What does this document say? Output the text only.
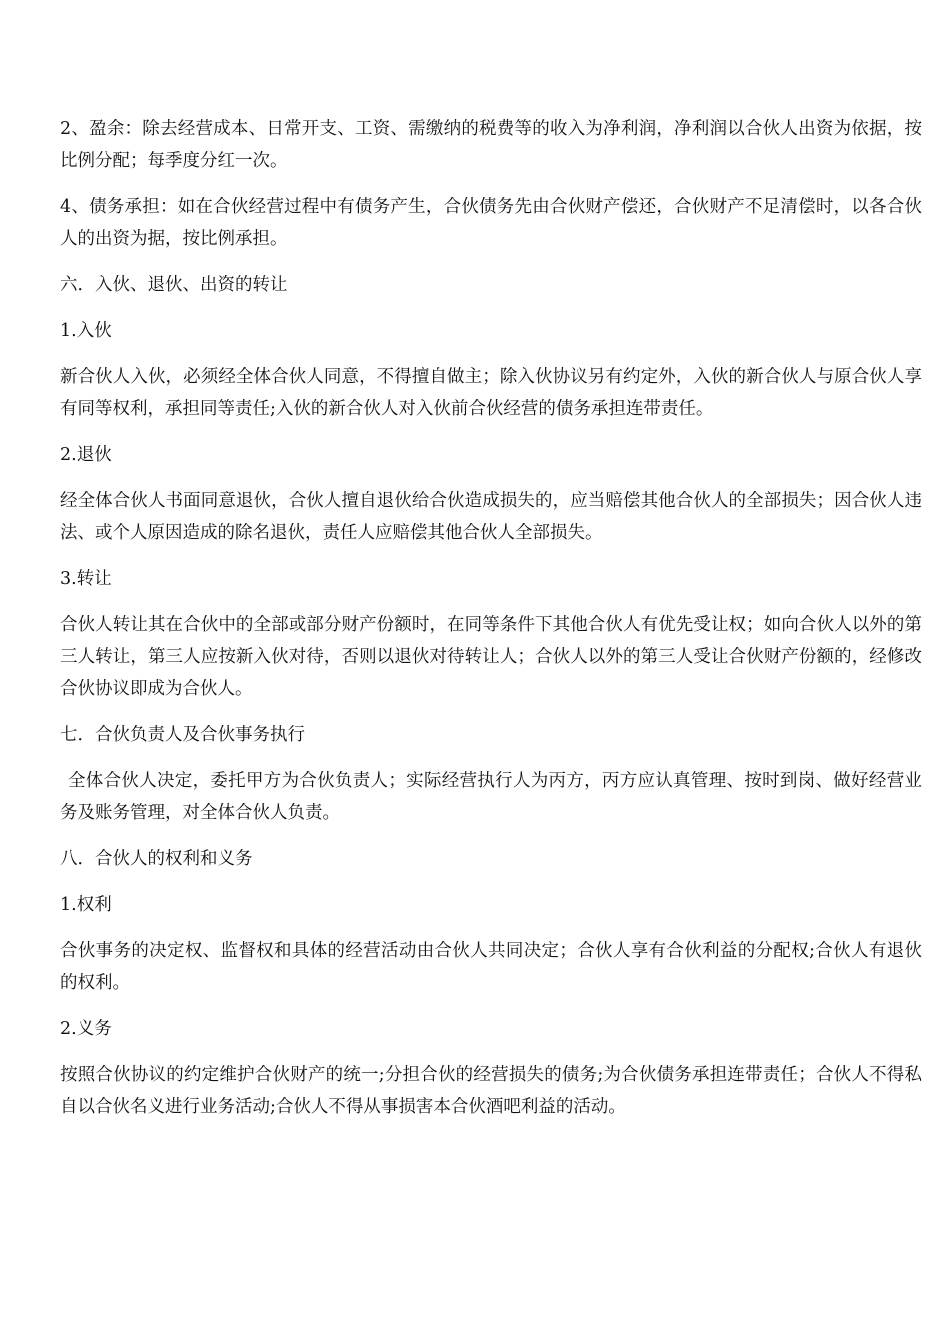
2、盈余：除去经营成本、日常开支、工资、需缴纳的税费等的收入为净利润，净利润以合伙人出资为依据，按比例分配；每季度分红一次。

4、债务承担：如在合伙经营过程中有债务产生，合伙债务先由合伙财产偿还，合伙财产不足清偿时，以各合伙人的出资为据，按比例承担。

六．入伙、退伙、出资的转让

1.入伙

新合伙人入伙，必须经全体合伙人同意，不得擅自做主；除入伙协议另有约定外，入伙的新合伙人与原合伙人享有同等权利，承担同等责任;入伙的新合伙人对入伙前合伙经营的债务承担连带责任。

2.退伙

经全体合伙人书面同意退伙，合伙人擅自退伙给合伙造成损失的，应当赔偿其他合伙人的全部损失；因合伙人违法、或个人原因造成的除名退伙，责任人应赔偿其他合伙人全部损失。

3.转让

合伙人转让其在合伙中的全部或部分财产份额时，在同等条件下其他合伙人有优先受让权；如向合伙人以外的第三人转让，第三人应按新入伙对待，否则以退伙对待转让人；合伙人以外的第三人受让合伙财产份额的，经修改合伙协议即成为合伙人。

七．合伙负责人及合伙事务执行

全体合伙人决定，委托甲方为合伙负责人；实际经营执行人为丙方，丙方应认真管理、按时到岗、做好经营业务及账务管理，对全体合伙人负责。

八．合伙人的权利和义务

1.权利

合伙事务的决定权、监督权和具体的经营活动由合伙人共同决定；合伙人享有合伙利益的分配权;合伙人有退伙的权利。

2.义务

按照合伙协议的约定维护合伙财产的统一;分担合伙的经营损失的债务;为合伙债务承担连带责任；合伙人不得私自以合伙名义进行业务活动;合伙人不得从事损害本合伙酒吧利益的活动。
